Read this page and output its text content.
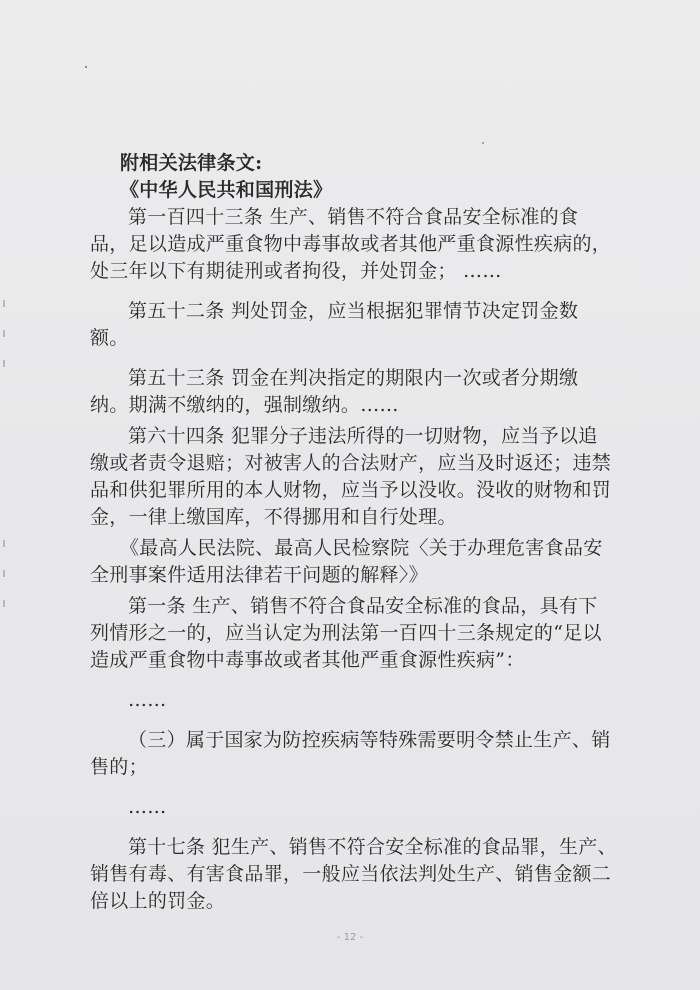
附相关法律条文:

《中华人民共和国刑法》

第一百四十三条 生产、销售不符合食品安全标准的食

品，足以造成严重食物中毒事故或者其他严重食源性疾病的，

处三年以下有期徒刑或者拘役，并处罚金； ……

第五十二条 判处罚金，应当根据犯罪情节决定罚金数

额。

第五十三条 罚金在判决指定的期限内一次或者分期缴

纳。期满不缴纳的，强制缴纳。……

第六十四条 犯罪分子违法所得的一切财物，应当予以追

缴或者责令退赔；对被害人的合法财产，应当及时返还；违禁

品和供犯罪所用的本人财物，应当予以没收。没收的财物和罚

金，一律上缴国库，不得挪用和自行处理。

《最高人民法院、最高人民检察院〈关于办理危害食品安

全刑事案件适用法律若干问题的解释〉》

第一条 生产、销售不符合食品安全标准的食品，具有下

列情形之一的，应当认定为刑法第一百四十三条规定的“足以

造成严重食物中毒事故或者其他严重食源性疾病”：

……

（三）属于国家为防控疾病等特殊需要明令禁止生产、销

售的；

……

第十七条 犯生产、销售不符合安全标准的食品罪，生产、

销售有毒、有害食品罪，一般应当依法判处生产、销售金额二

倍以上的罚金。

- 12 -
